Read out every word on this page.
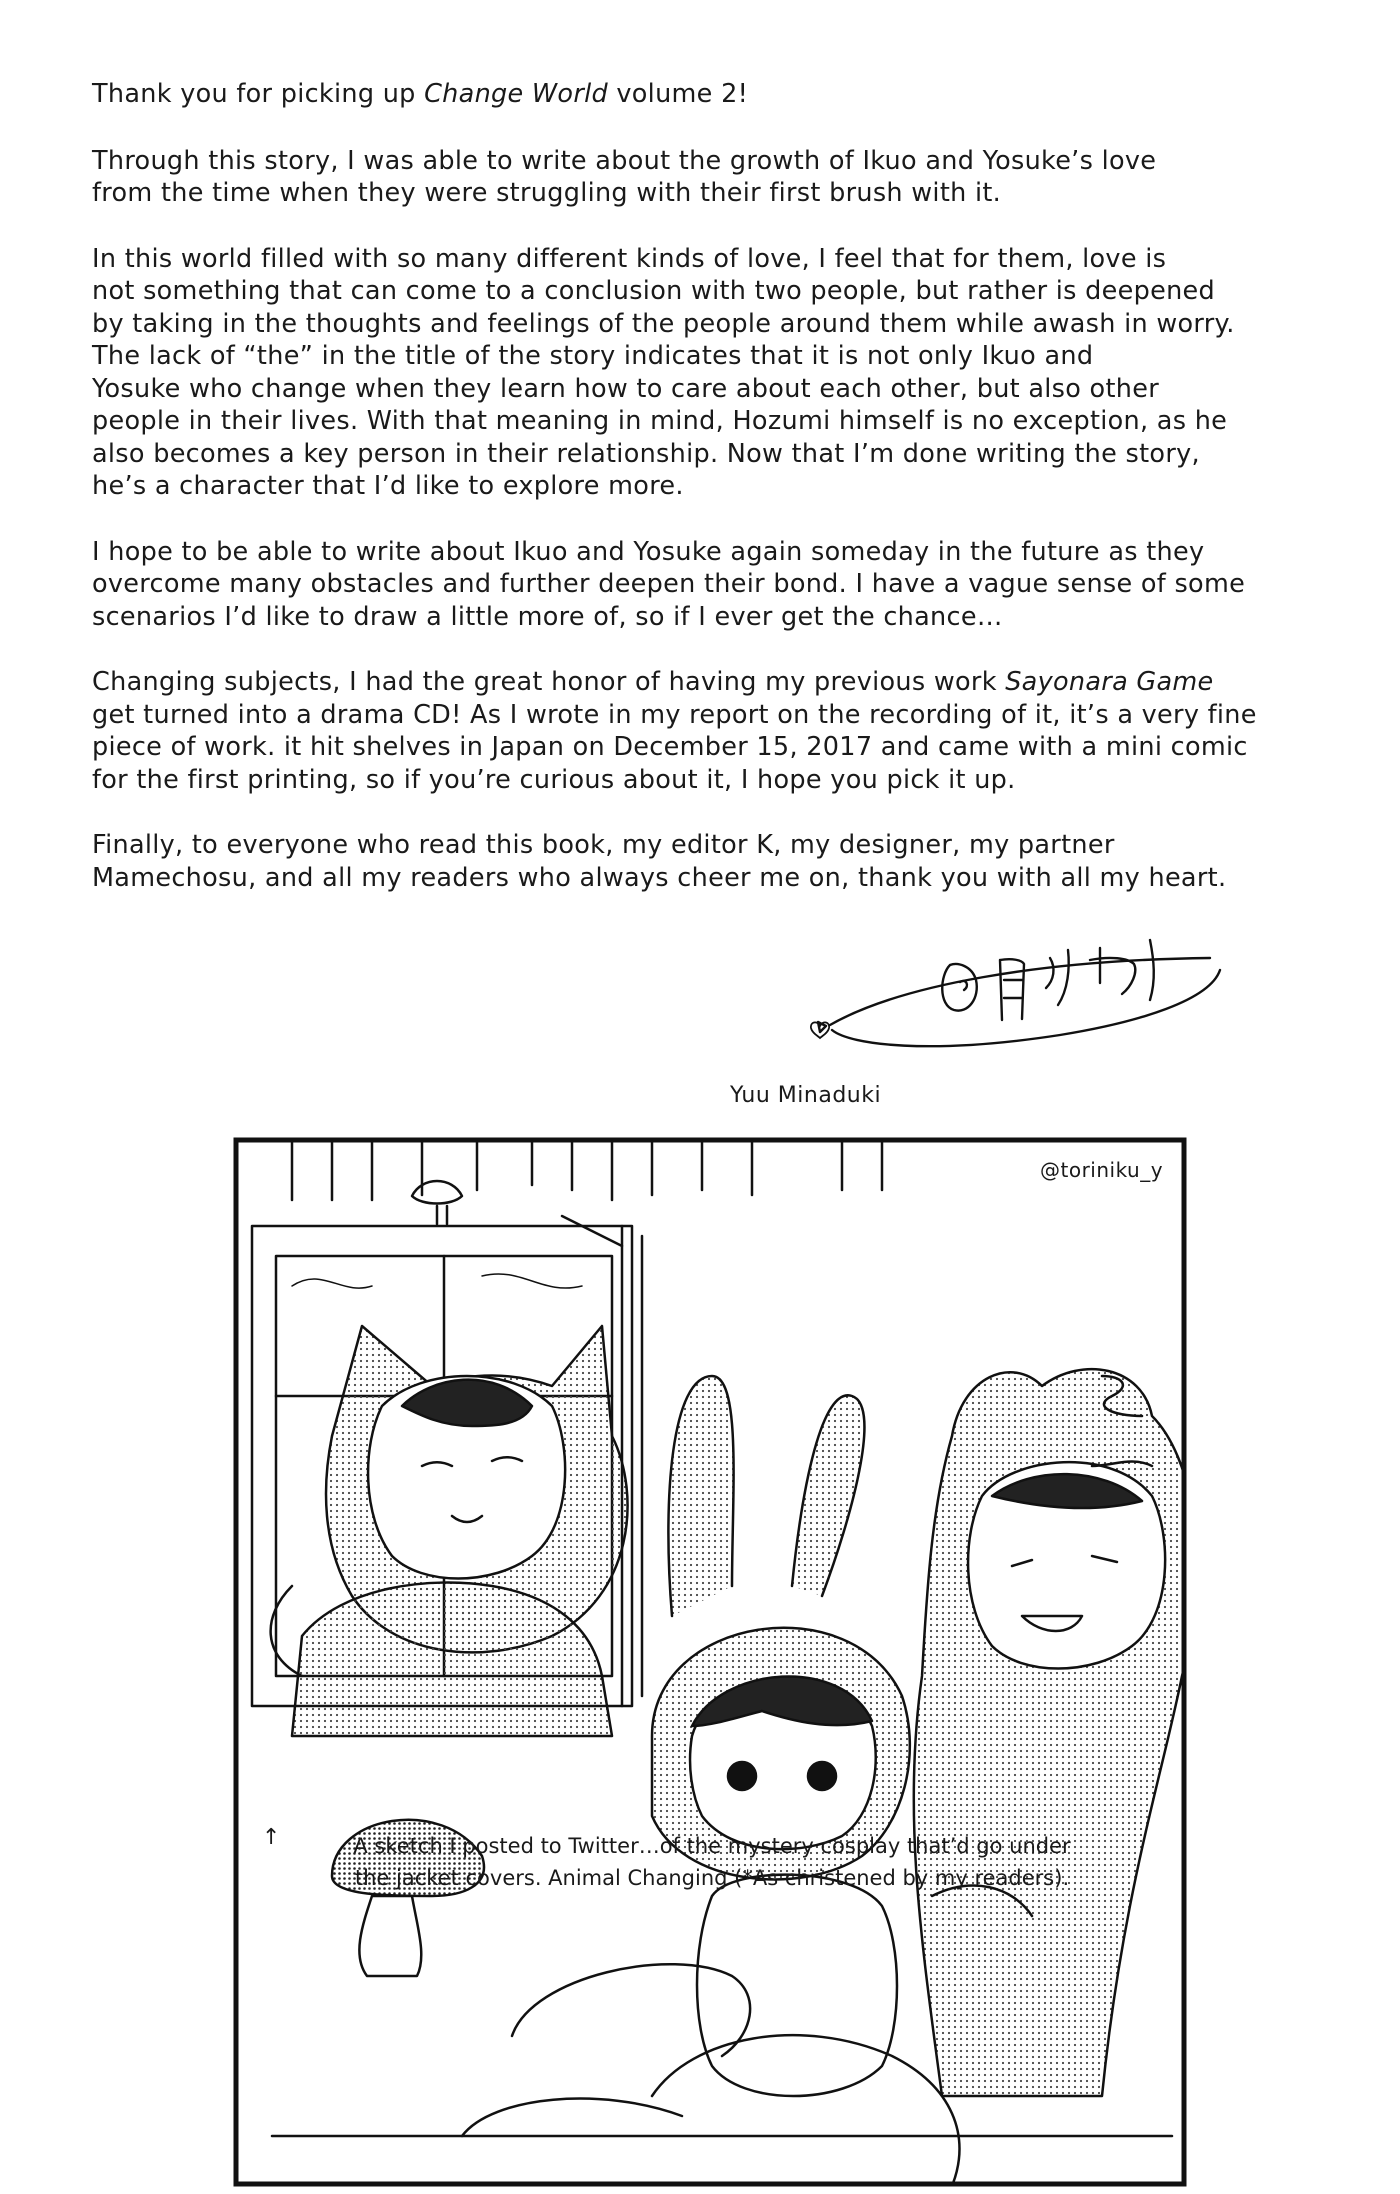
Thank you for picking up Change World volume 2!
Through this story, I was able to write about the growth of Ikuo and Yosuke’s love
from the time when they were struggling with their first brush with it.
In this world filled with so many different kinds of love, I feel that for them, love is
not something that can come to a conclusion with two people, but rather is deepened
by taking in the thoughts and feelings of the people around them while awash in worry.
The lack of “the” in the title of the story indicates that it is not only Ikuo and
Yosuke who change when they learn how to care about each other, but also other
people in their lives. With that meaning in mind, Hozumi himself is no exception, as he
also becomes a key person in their relationship. Now that I’m done writing the story,
he’s a character that I’d like to explore more.
I hope to be able to write about Ikuo and Yosuke again someday in the future as they
overcome many obstacles and further deepen their bond. I have a vague sense of some
scenarios I’d like to draw a little more of, so if I ever get the chance…
Changing subjects, I had the great honor of having my previous work Sayonara Game
get turned into a drama CD! As I wrote in my report on the recording of it, it’s a very fine
piece of work. it hit shelves in Japan on December 15, 2017 and came with a mini comic
for the first printing, so if you’re curious about it, I hope you pick it up.
Finally, to everyone who read this book, my editor K, my designer, my partner
Mamechosu, and all my readers who always cheer me on, thank you with all my heart.
Yuu Minaduki
@toriniku_y
↑	A sketch I posted to Twitter…of the mystery cosplay that’d go under
the jacket covers. Animal Changing (*As christened by my readers).
